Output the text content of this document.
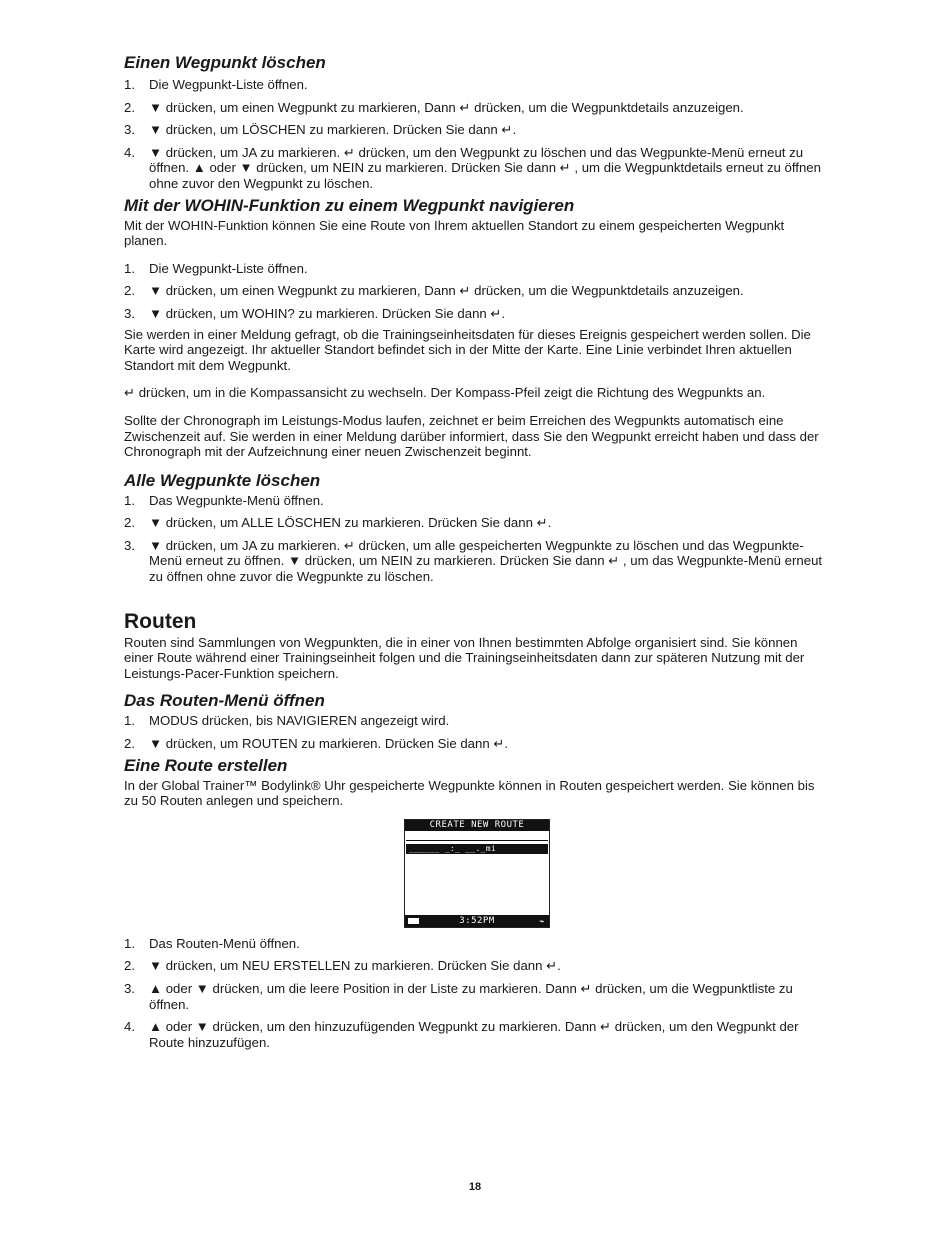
Einen Wegpunkt löschen
1. Die Wegpunkt-Liste öffnen.
2. ▼ drücken, um einen Wegpunkt zu markieren, Dann ↵ drücken, um die Wegpunktdetails anzuzeigen.
3. ▼ drücken, um LÖSCHEN zu markieren. Drücken Sie dann ↵.
4. ▼ drücken, um JA zu markieren. ↵ drücken, um den Wegpunkt zu löschen und das Wegpunkte-Menü erneut zu öffnen. ▲ oder ▼ drücken, um NEIN zu markieren. Drücken Sie dann ↵ , um die Wegpunktdetails erneut zu öffnen ohne zuvor den Wegpunkt zu löschen.
Mit der WOHIN-Funktion zu einem Wegpunkt navigieren

Mit der WOHIN-Funktion können Sie eine Route von Ihrem aktuellen Standort zu einem gespeicherten Wegpunkt planen.

1. Die Wegpunkt-Liste öffnen.
2. ▼ drücken, um einen Wegpunkt zu markieren, Dann ↵ drücken, um die Wegpunktdetails anzuzeigen.
3. ▼ drücken, um WOHIN? zu markieren. Drücken Sie dann ↵.

Sie werden in einer Meldung gefragt, ob die Trainingseinheitsdaten für dieses Ereignis gespeichert werden sollen. Die Karte wird angezeigt. Ihr aktueller Standort befindet sich in der Mitte der Karte. Eine Linie verbindet Ihren aktuellen Standort mit dem Wegpunkt.

↵ drücken, um in die Kompassansicht zu wechseln. Der Kompass-Pfeil zeigt die Richtung des Wegpunkts an.

Sollte der Chronograph im Leistungs-Modus laufen, zeichnet er beim Erreichen des Wegpunkts automatisch eine Zwischenzeit auf. Sie werden in einer Meldung darüber informiert, dass Sie den Wegpunkt erreicht haben und dass der Chronograph mit der Aufzeichnung einer neuen Zwischenzeit beginnt.

Alle Wegpunkte löschen
1. Das Wegpunkte-Menü öffnen.
2. ▼ drücken, um ALLE LÖSCHEN zu markieren. Drücken Sie dann ↵.
3. ▼ drücken, um JA zu markieren. ↵ drücken, um alle gespeicherten Wegpunkte zu löschen und das Wegpunkte-Menü erneut zu öffnen. ▼ drücken, um NEIN zu markieren. Drücken Sie dann ↵ , um das Wegpunkte-Menü erneut zu öffnen ohne zuvor die Wegpunkte zu löschen.
Routen

Routen sind Sammlungen von Wegpunkten, die in einer von Ihnen bestimmten Abfolge organisiert sind. Sie können einer Route während einer Trainingseinheit folgen und die Trainingseinheitsdaten dann zur späteren Nutzung mit der Leistungs-Pacer-Funktion speichern.

Das Routen-Menü öffnen
1. MODUS drücken, bis NAVIGIEREN angezeigt wird.
2. ▼ drücken, um ROUTEN zu markieren. Drücken Sie dann ↵.
Eine Route erstellen

In der Global Trainer™ Bodylink® Uhr gespeicherte Wegpunkte können in Routen gespeichert werden. Sie können bis zu 50 Routen anlegen und speichern.

CREATE NEW ROUTE
______ _:_ __._mi
3:52PM	⌁
1. Das Routen-Menü öffnen.
2. ▼ drücken, um NEU ERSTELLEN zu markieren. Drücken Sie dann ↵.
3. ▲ oder ▼ drücken, um die leere Position in der Liste zu markieren. Dann ↵ drücken, um die Wegpunktliste zu öffnen.
4. ▲ oder ▼ drücken, um den hinzuzufügenden Wegpunkt zu markieren. Dann ↵ drücken, um den Wegpunkt der Route hinzuzufügen.
18
